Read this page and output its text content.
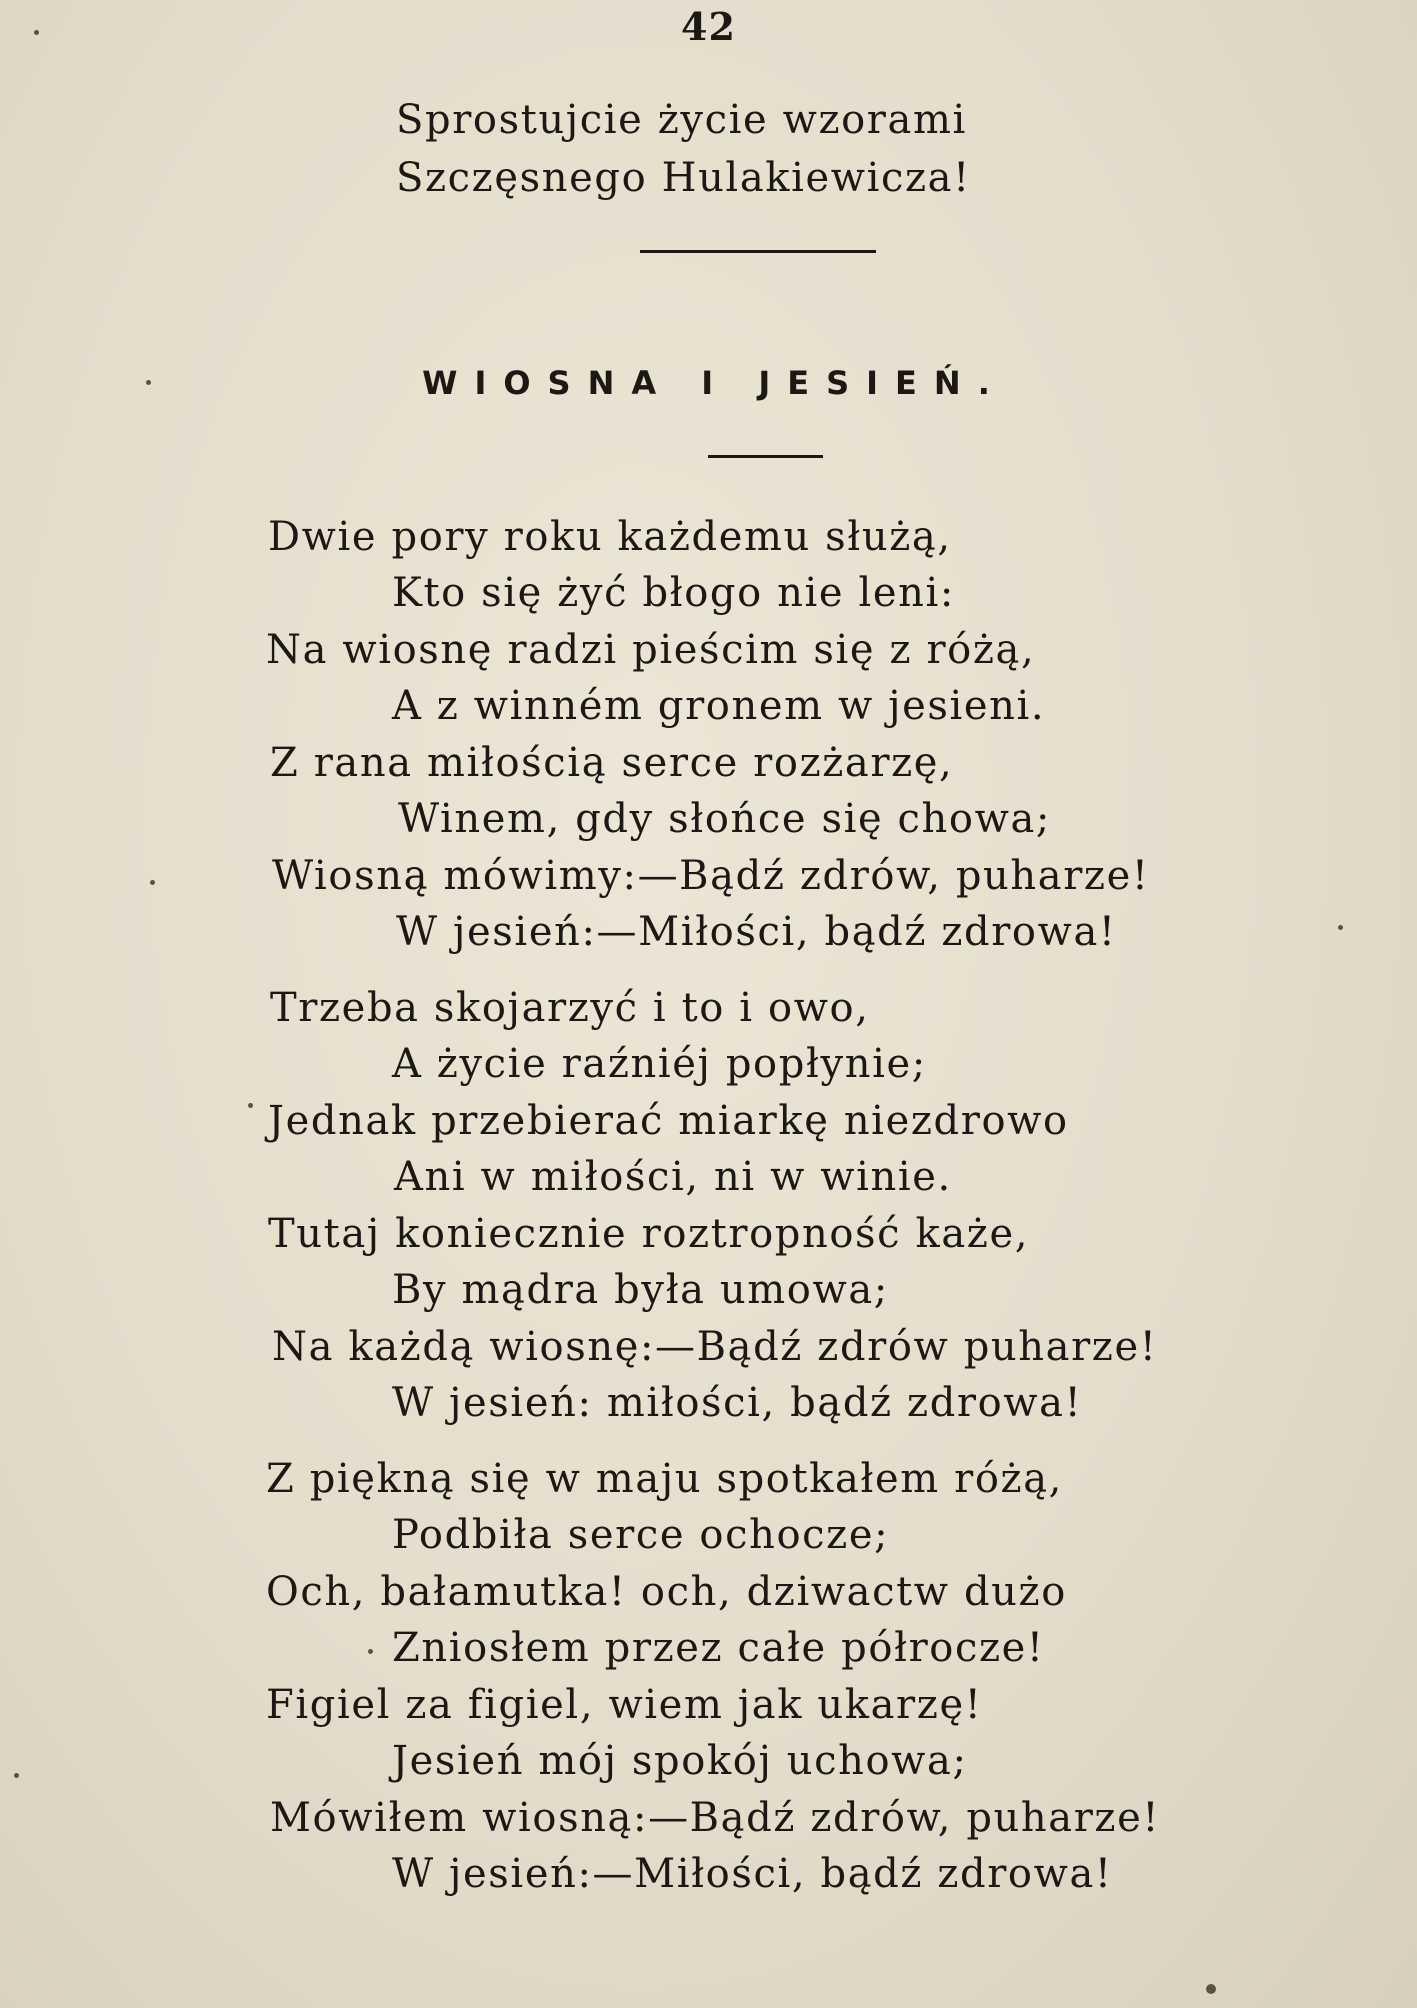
42
Sprostujcie życie wzorami
Szczęsnego Hulakiewicza!
WIOSNA I JESIEŃ.
Dwie pory roku każdemu służą,
Kto się żyć błogo nie leni:
Na wiosnę radzi pieścim się z różą,
A z winném gronem w jesieni.
Z rana miłością serce rozżarzę,
Winem, gdy słońce się chowa;
Wiosną mówimy:—Bądź zdrów, puharze!
W jesień:—Miłości, bądź zdrowa!
Trzeba skojarzyć i to i owo,
A życie raźniéj popłynie;
Jednak przebierać miarkę niezdrowo
Ani w miłości, ni w winie.
Tutaj koniecznie roztropność każe,
By mądra była umowa;
Na każdą wiosnę:—Bądź zdrów puharze!
W jesień: miłości, bądź zdrowa!
Z piękną się w maju spotkałem różą,
Podbiła serce ochocze;
Och, bałamutka! och, dziwactw dużo
Zniosłem przez całe półrocze!
Figiel za figiel, wiem jak ukarzę!
Jesień mój spokój uchowa;
Mówiłem wiosną:—Bądź zdrów, puharze!
W jesień:—Miłości, bądź zdrowa!
